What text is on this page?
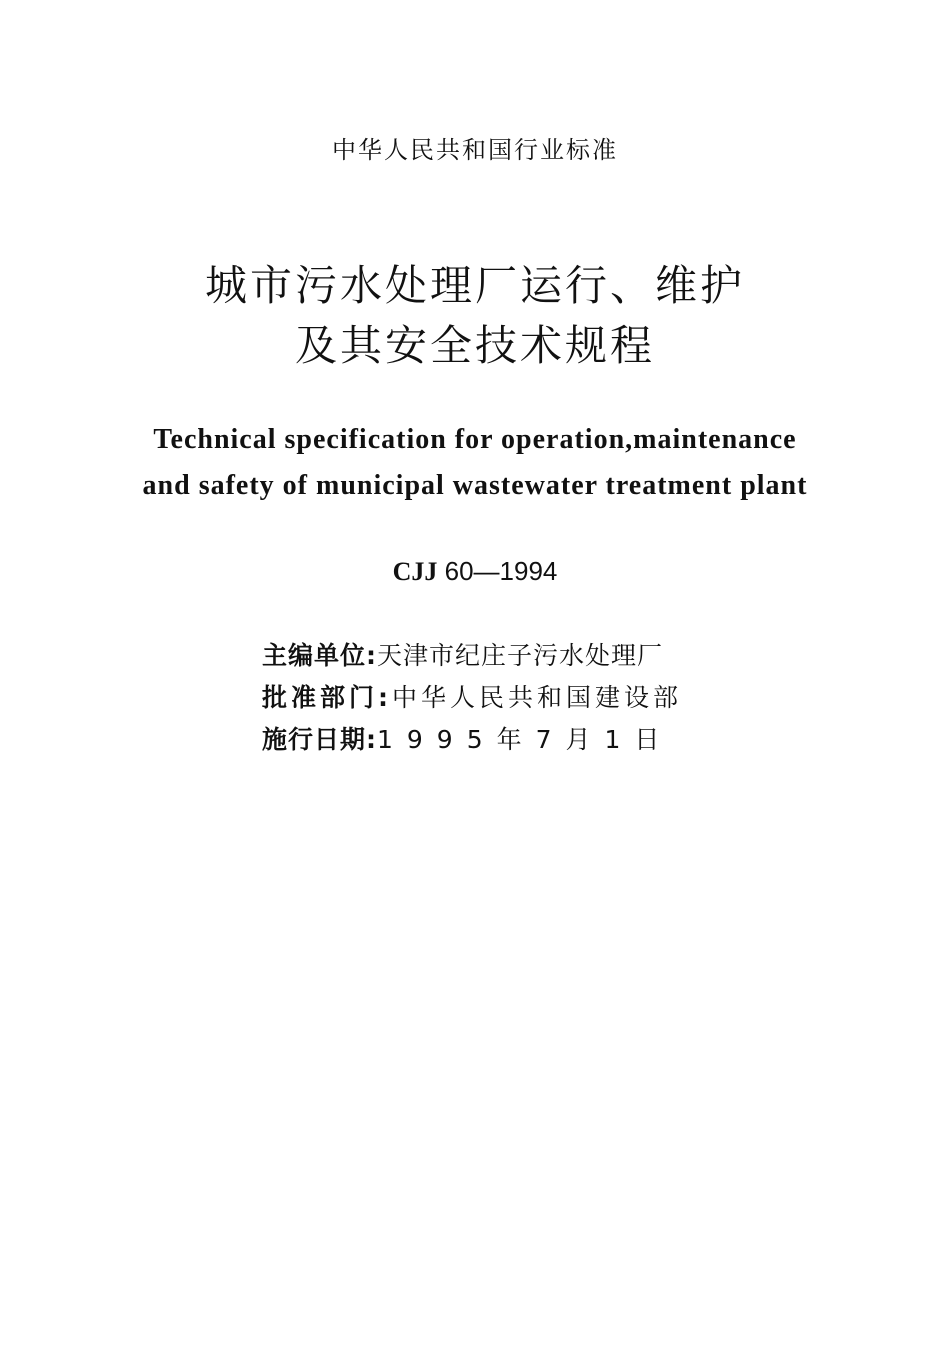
中华人民共和国行业标准
城市污水处理厂运行、维护
及其安全技术规程
Technical specification for operation,maintenance
and safety of municipal wastewater treatment plant
CJJ 60—1994
主编单位:天津市纪庄子污水处理厂
批准部门:中华人民共和国建设部
施行日期:1995年7月1日
